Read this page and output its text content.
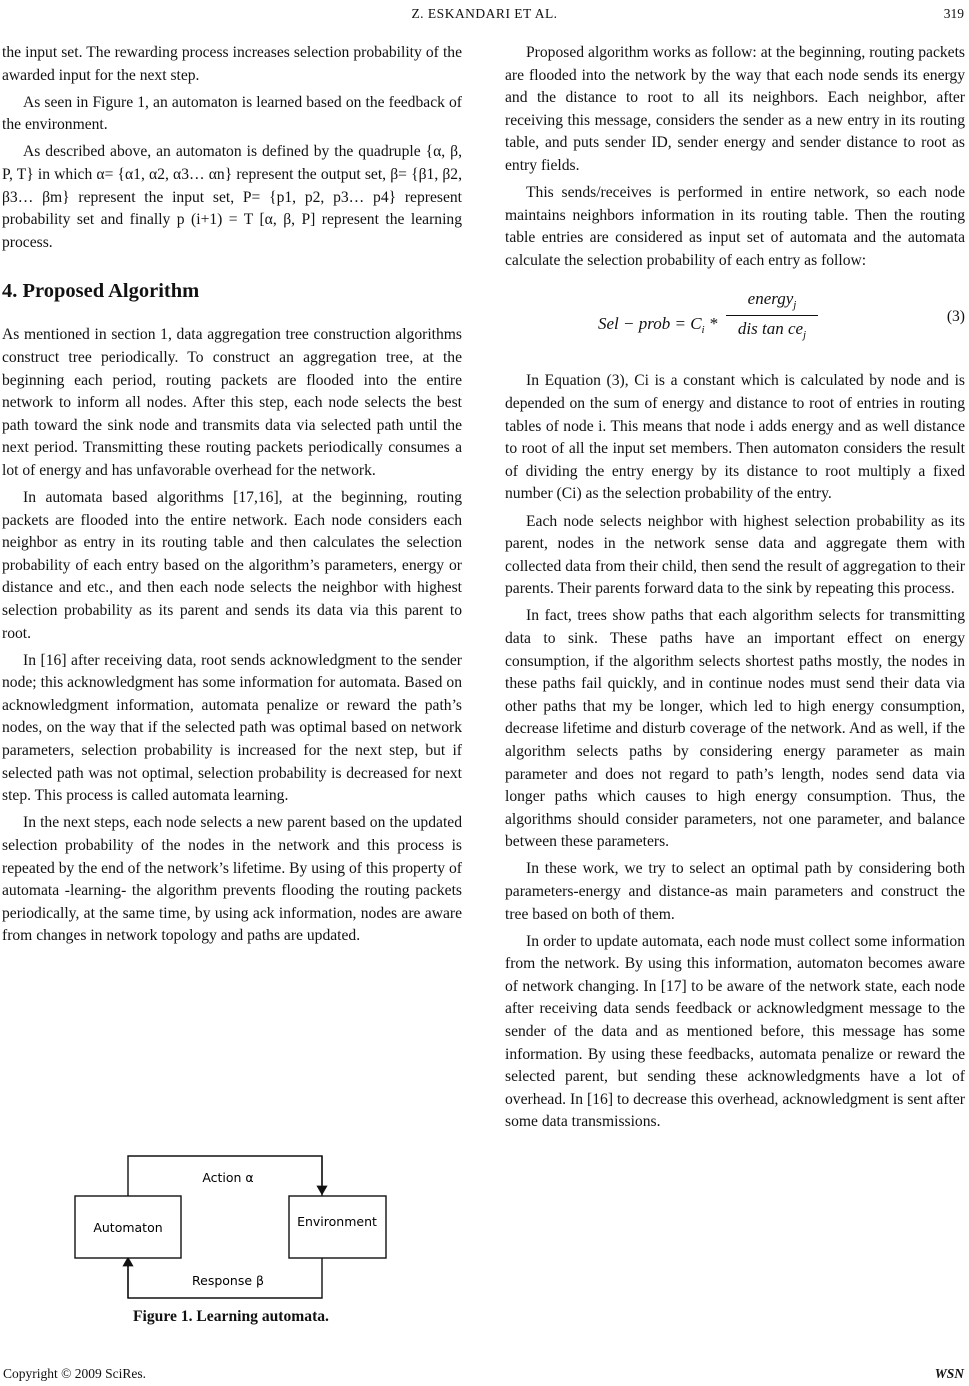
Z. ESKANDARI ET AL.	319

the input set. The rewarding process increases selection probability of the awarded input for the next step.

As seen in Figure 1, an automaton is learned based on the feedback of the environment.

As described above, an automaton is defined by the quadruple {α, β, P, T} in which α= {α1, α2, α3… αn} represent the output set, β= {β1, β2, β3… βm} represent the input set, P= {p1, p2, p3… p4} represent probability set and finally p (i+1) = T [α, β, P] represent the learning process.

4. Proposed Algorithm

As mentioned in section 1, data aggregation tree construction algorithms construct tree periodically. To construct an aggregation tree, at the beginning each period, routing packets are flooded into the entire network to inform all nodes. After this step, each node selects the best path toward the sink node and transmits data via selected path until the next period. Transmitting these routing packets periodically consumes a lot of energy and has unfavorable overhead for the network.

In automata based algorithms [17,16], at the beginning, routing packets are flooded into the entire network. Each node considers each neighbor as entry in its routing table and then calculates the selection probability of each entry based on the algorithm’s parameters, energy or distance and etc., and then each node selects the neighbor with highest selection probability as its parent and sends its data via this parent to root.

In [16] after receiving data, root sends acknowledgment to the sender node; this acknowledgment has some information for automata. Based on acknowledgment information, automata penalize or reward the path’s nodes, on the way that if the selected path was optimal based on network parameters, selection probability is increased for the next step, but if selected path was not optimal, selection probability is decreased for next step. This process is called automata learning.

In the next steps, each node selects a new parent based on the updated selection probability of the nodes in the network and this process is repeated by the end of the network’s lifetime. By using of this property of automata -learning- the algorithm prevents flooding the routing packets periodically, at the same time, by using ack information, nodes are aware from changes in network topology and paths are updated.

Automaton	Environment
Action α
Response β
Figure 1. Learning automata.

Proposed algorithm works as follow: at the beginning, routing packets are flooded into the network by the way that each node sends its energy and the distance to root to all its neighbors. Each neighbor, after receiving this message, considers the sender as a new entry in its routing table, and puts sender ID, sender energy and sender distance to root as entry fields.

This sends/receives is performed in entire network, so each node maintains neighbors information in its routing table. Then the routing table entries are considered as input set of automata and the automata calculate the selection probability of each entry as follow:

Sel − prob = $C_i$ *
energy$_j$
dis $\tan ce_j$
(3)

In Equation (3), Ci is a constant which is calculated by node and is depended on the sum of energy and distance to root of entries in routing tables of node i. This means that node i adds energy and as well distance to root of all the input set members. Then automaton considers the result of dividing the entry energy by its distance to root multiply a fixed number (Ci) as the selection probability of the entry.

Each node selects neighbor with highest selection probability as its parent, nodes in the network sense data and aggregate them with collected data from their child, then send the result of aggregation to their parents. Their parents forward data to the sink by repeating this process.

In fact, trees show paths that each algorithm selects for transmitting data to sink. These paths have an important effect on energy consumption, if the algorithm selects shortest paths mostly, the nodes in these paths fail quickly, and in continue nodes must send their data via other paths that my be longer, which led to high energy consumption, decrease lifetime and disturb coverage of the network. And as well, if the algorithm selects paths by considering energy parameter as main parameter and does not regard to path’s length, nodes send data via longer paths which causes to high energy consumption. Thus, the algorithms should consider parameters, not one parameter, and balance between these parameters.

In these work, we try to select an optimal path by considering both parameters-energy and distance-as main parameters and construct the tree based on both of them.

In order to update automata, each node must collect some information from the network. By using this information, automaton becomes aware of network changing. In [17] to be aware of the network state, each node after receiving data sends feedback or acknowledgment message to the sender of the data and as mentioned before, this message has some information. By using these feedbacks, automata penalize or reward the selected parent, but sending these acknowledgments have a lot of overhead. In [16] to decrease this overhead, acknowledgment is sent after some data transmissions.

Copyright © 2009 SciRes.	WSN
